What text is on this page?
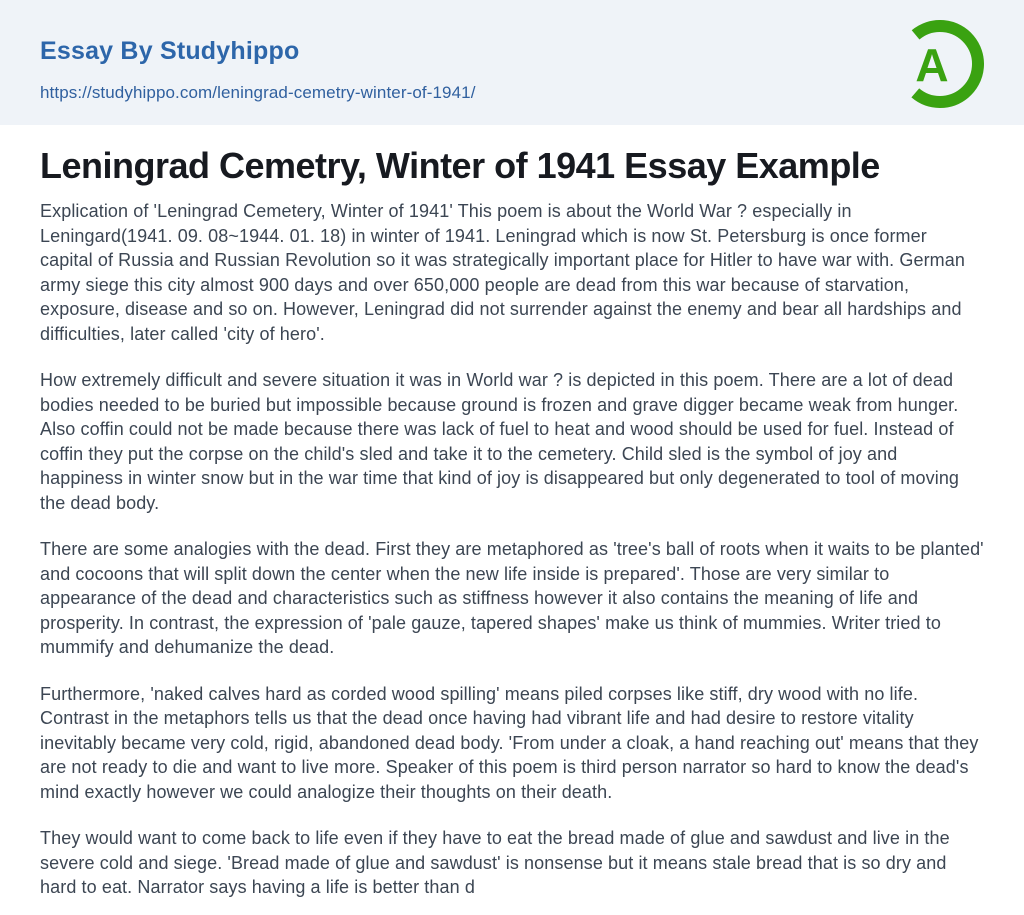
Essay By Studyhippo
https://studyhippo.com/leningrad-cemetry-winter-of-1941/
A
Leningrad Cemetry, Winter of 1941 Essay Example

Explication of 'Leningrad Cemetery, Winter of 1941' This poem is about the World War ? especially in Leningard(1941. 09. 08~1944. 01. 18) in winter of 1941. Leningrad which is now St. Petersburg is once former capital of Russia and Russian Revolution so it was strategically important place for Hitler to have war with. German army siege this city almost 900 days and over 650,000 people are dead from this war because of starvation, exposure, disease and so on. However, Leningrad did not surrender against the enemy and bear all hardships and difficulties, later called 'city of hero'.

How extremely difficult and severe situation it was in World war ? is depicted in this poem. There are a lot of dead bodies needed to be buried but impossible because ground is frozen and grave digger became weak from hunger. Also coffin could not be made because there was lack of fuel to heat and wood should be used for fuel. Instead of coffin they put the corpse on the child's sled and take it to the cemetery. Child sled is the symbol of joy and happiness in winter snow but in the war time that kind of joy is disappeared but only degenerated to tool of moving the dead body.

There are some analogies with the dead. First they are metaphored as 'tree's ball of roots when it waits to be planted' and cocoons that will split down the center when the new life inside is prepared'. Those are very similar to appearance of the dead and characteristics such as stiffness however it also contains the meaning of life and prosperity. In contrast, the expression of 'pale gauze, tapered shapes' make us think of mummies. Writer tried to mummify and dehumanize the dead.

Furthermore, 'naked calves hard as corded wood spilling' means piled corpses like stiff, dry wood with no life. Contrast in the metaphors tells us that the dead once having had vibrant life and had desire to restore vitality inevitably became very cold, rigid, abandoned dead body. 'From under a cloak, a hand reaching out' means that they are not ready to die and want to live more. Speaker of this poem is third person narrator so hard to know the dead's mind exactly however we could analogize their thoughts on their death.

They would want to come back to life even if they have to eat the bread made of glue and sawdust and live in the severe cold and siege. 'Bread made of glue and sawdust' is nonsense but it means stale bread that is so dry and hard to eat. Narrator says having a life is better than d
